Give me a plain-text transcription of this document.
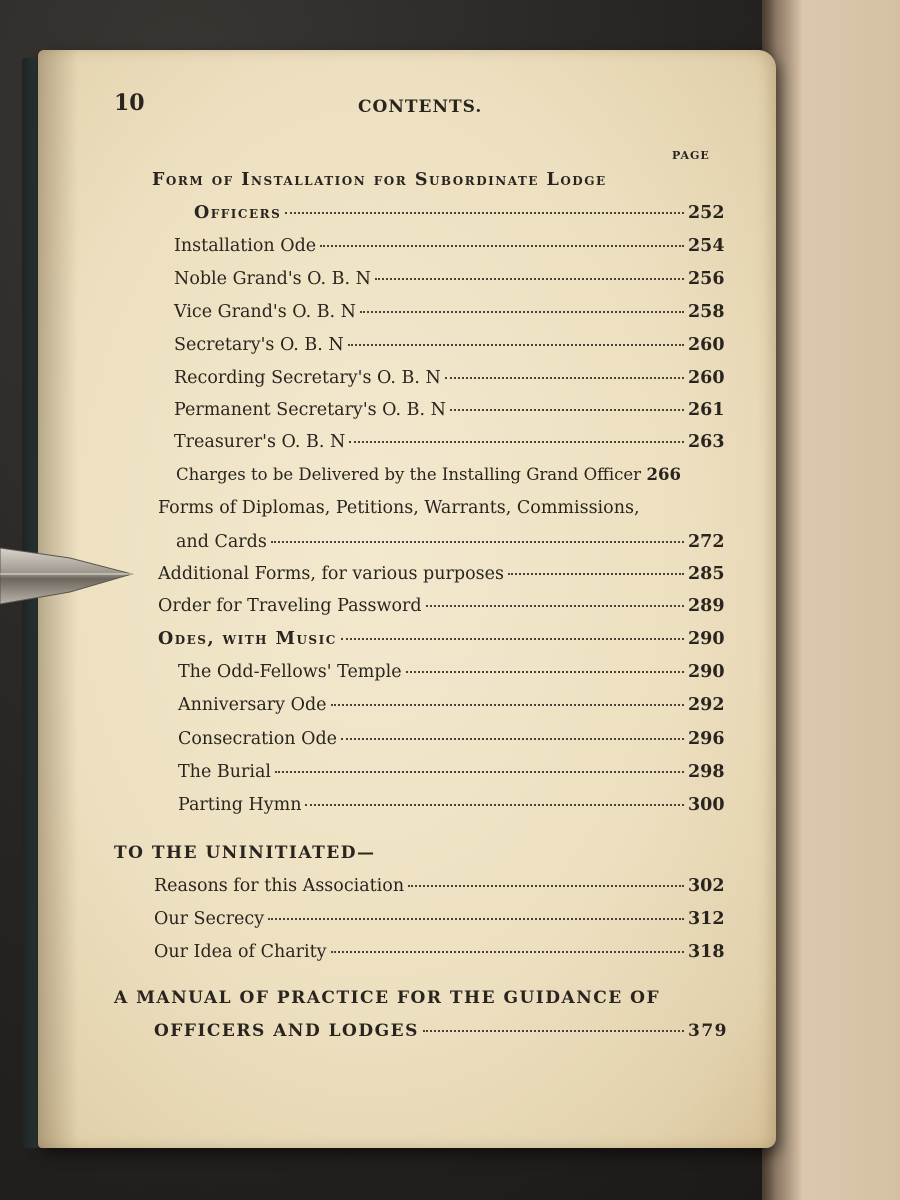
10	CONTENTS.
PAGE
Form of Installation for Subordinate Lodge
Officers	252
Installation Ode	254
Noble Grand's O. B. N	256
Vice Grand's O. B. N	258
Secretary's O. B. N	260
Recording Secretary's O. B. N	260
Permanent Secretary's O. B. N	261
Treasurer's O. B. N	263
Charges to be Delivered by the Installing Grand Officer 266
Forms of Diplomas, Petitions, Warrants, Commissions,
and Cards	272
Additional Forms, for various purposes	285
Order for Traveling Password	289
Odes, with Music	290
The Odd-Fellows' Temple	290
Anniversary Ode	292
Consecration Ode	296
The Burial	298
Parting Hymn	300
TO THE UNINITIATED—
Reasons for this Association	302
Our Secrecy	312
Our Idea of Charity	318
A MANUAL OF PRACTICE FOR THE GUIDANCE OF
OFFICERS AND LODGES	379
